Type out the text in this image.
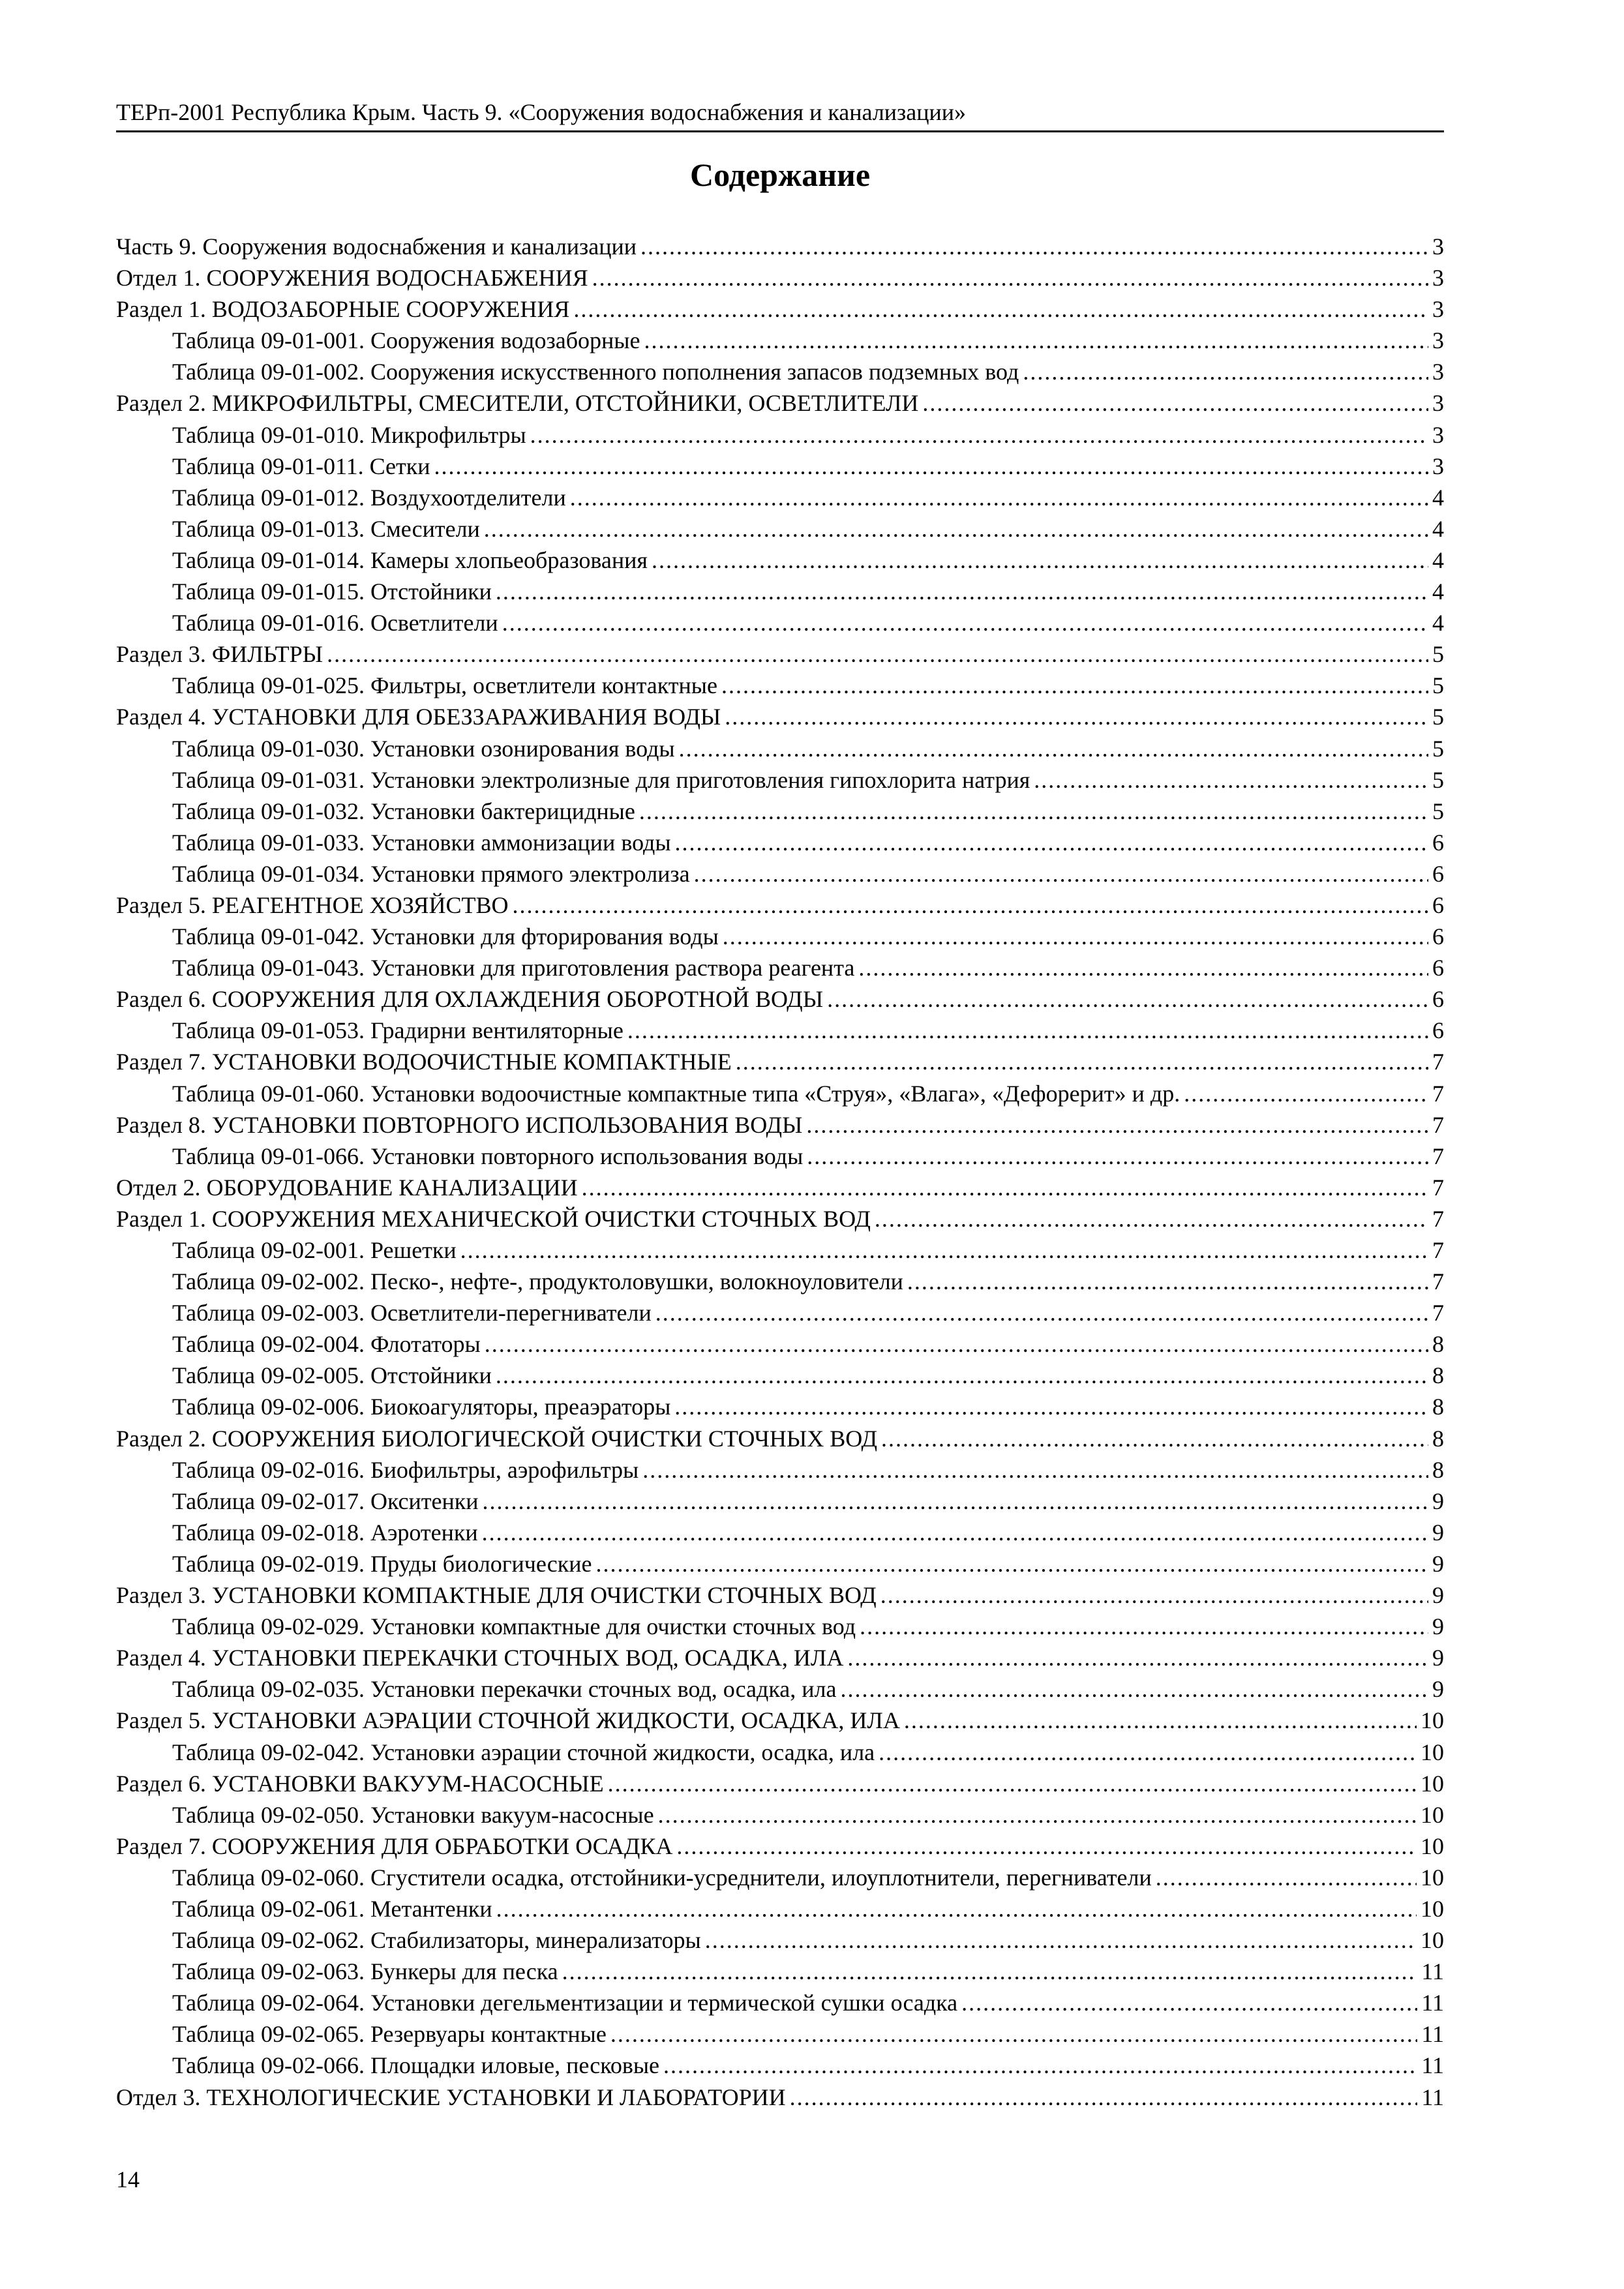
ТЕРп-2001 Республика Крым. Часть 9. «Сооружения водоснабжения и канализации»
Содержание
Часть 9. Сооружения водоснабжения и канализации .....	3
Отдел 1. СООРУЖЕНИЯ ВОДОСНАБЖЕНИЯ .....	3
Раздел 1. ВОДОЗАБОРНЫЕ СООРУЖЕНИЯ .....	3
Таблица 09-01-001. Сооружения водозаборные .....	3
Таблица 09-01-002. Сооружения искусственного пополнения запасов подземных вод .....	3
Раздел 2. МИКРОФИЛЬТРЫ, СМЕСИТЕЛИ, ОТСТОЙНИКИ, ОСВЕТЛИТЕЛИ .....	3
Таблица 09-01-010. Микрофильтры .....	3
Таблица 09-01-011. Сетки .....	3
Таблица 09-01-012. Воздухоотделители .....	4
Таблица 09-01-013. Смесители .....	4
Таблица 09-01-014. Камеры хлопьеобразования .....	4
Таблица 09-01-015. Отстойники .....	4
Таблица 09-01-016. Осветлители .....	4
Раздел 3. ФИЛЬТРЫ .....	5
Таблица 09-01-025. Фильтры, осветлители контактные .....	5
Раздел 4. УСТАНОВКИ ДЛЯ ОБЕЗЗАРАЖИВАНИЯ ВОДЫ .....	5
Таблица 09-01-030. Установки озонирования воды .....	5
Таблица 09-01-031. Установки электролизные для приготовления гипохлорита натрия .....	5
Таблица 09-01-032. Установки бактерицидные .....	5
Таблица 09-01-033. Установки аммонизации воды .....	6
Таблица 09-01-034. Установки прямого электролиза .....	6
Раздел 5. РЕАГЕНТНОЕ ХОЗЯЙСТВО .....	6
Таблица 09-01-042. Установки для фторирования воды .....	6
Таблица 09-01-043. Установки для приготовления раствора реагента .....	6
Раздел 6. СООРУЖЕНИЯ ДЛЯ ОХЛАЖДЕНИЯ ОБОРОТНОЙ ВОДЫ .....	6
Таблица 09-01-053. Градирни вентиляторные .....	6
Раздел 7. УСТАНОВКИ ВОДООЧИСТНЫЕ КОМПАКТНЫЕ .....	7
Таблица 09-01-060. Установки водоочистные компактные типа «Струя», «Влага», «Дефорерит» и др. .....	7
Раздел 8. УСТАНОВКИ ПОВТОРНОГО ИСПОЛЬЗОВАНИЯ ВОДЫ .....	7
Таблица 09-01-066. Установки повторного использования воды .....	7
Отдел 2. ОБОРУДОВАНИЕ КАНАЛИЗАЦИИ .....	7
Раздел 1. СООРУЖЕНИЯ МЕХАНИЧЕСКОЙ ОЧИСТКИ СТОЧНЫХ ВОД .....	7
Таблица 09-02-001. Решетки .....	7
Таблица 09-02-002. Песко-, нефте-, продуктоловушки, волокноуловители .....	7
Таблица 09-02-003. Осветлители-перегниватели .....	7
Таблица 09-02-004. Флотаторы .....	8
Таблица 09-02-005. Отстойники .....	8
Таблица 09-02-006. Биокоагуляторы, преаэраторы .....	8
Раздел 2. СООРУЖЕНИЯ БИОЛОГИЧЕСКОЙ ОЧИСТКИ СТОЧНЫХ ВОД .....	8
Таблица 09-02-016. Биофильтры, аэрофильтры .....	8
Таблица 09-02-017. Окситенки .....	9
Таблица 09-02-018. Аэротенки .....	9
Таблица 09-02-019. Пруды биологические .....	9
Раздел 3. УСТАНОВКИ КОМПАКТНЫЕ ДЛЯ ОЧИСТКИ СТОЧНЫХ ВОД .....	9
Таблица 09-02-029. Установки компактные для очистки сточных вод .....	9
Раздел 4. УСТАНОВКИ ПЕРЕКАЧКИ СТОЧНЫХ ВОД, ОСАДКА, ИЛА .....	9
Таблица 09-02-035. Установки перекачки сточных вод, осадка, ила .....	9
Раздел 5. УСТАНОВКИ АЭРАЦИИ СТОЧНОЙ ЖИДКОСТИ, ОСАДКА, ИЛА .....	10
Таблица 09-02-042. Установки аэрации сточной жидкости, осадка, ила .....	10
Раздел 6. УСТАНОВКИ ВАКУУМ-НАСОСНЫЕ .....	10
Таблица 09-02-050. Установки вакуум-насосные .....	10
Раздел 7. СООРУЖЕНИЯ ДЛЯ ОБРАБОТКИ ОСАДКА .....	10
Таблица 09-02-060. Сгустители осадка, отстойники-усреднители, илоуплотнители, перегниватели .....	10
Таблица 09-02-061. Метантенки .....	10
Таблица 09-02-062. Стабилизаторы, минерализаторы .....	10
Таблица 09-02-063. Бункеры для песка .....	11
Таблица 09-02-064. Установки дегельментизации и термической сушки осадка .....	11
Таблица 09-02-065. Резервуары контактные .....	11
Таблица 09-02-066. Площадки иловые, песковые .....	11
Отдел 3. ТЕХНОЛОГИЧЕСКИЕ УСТАНОВКИ И ЛАБОРАТОРИИ .....	11
14
